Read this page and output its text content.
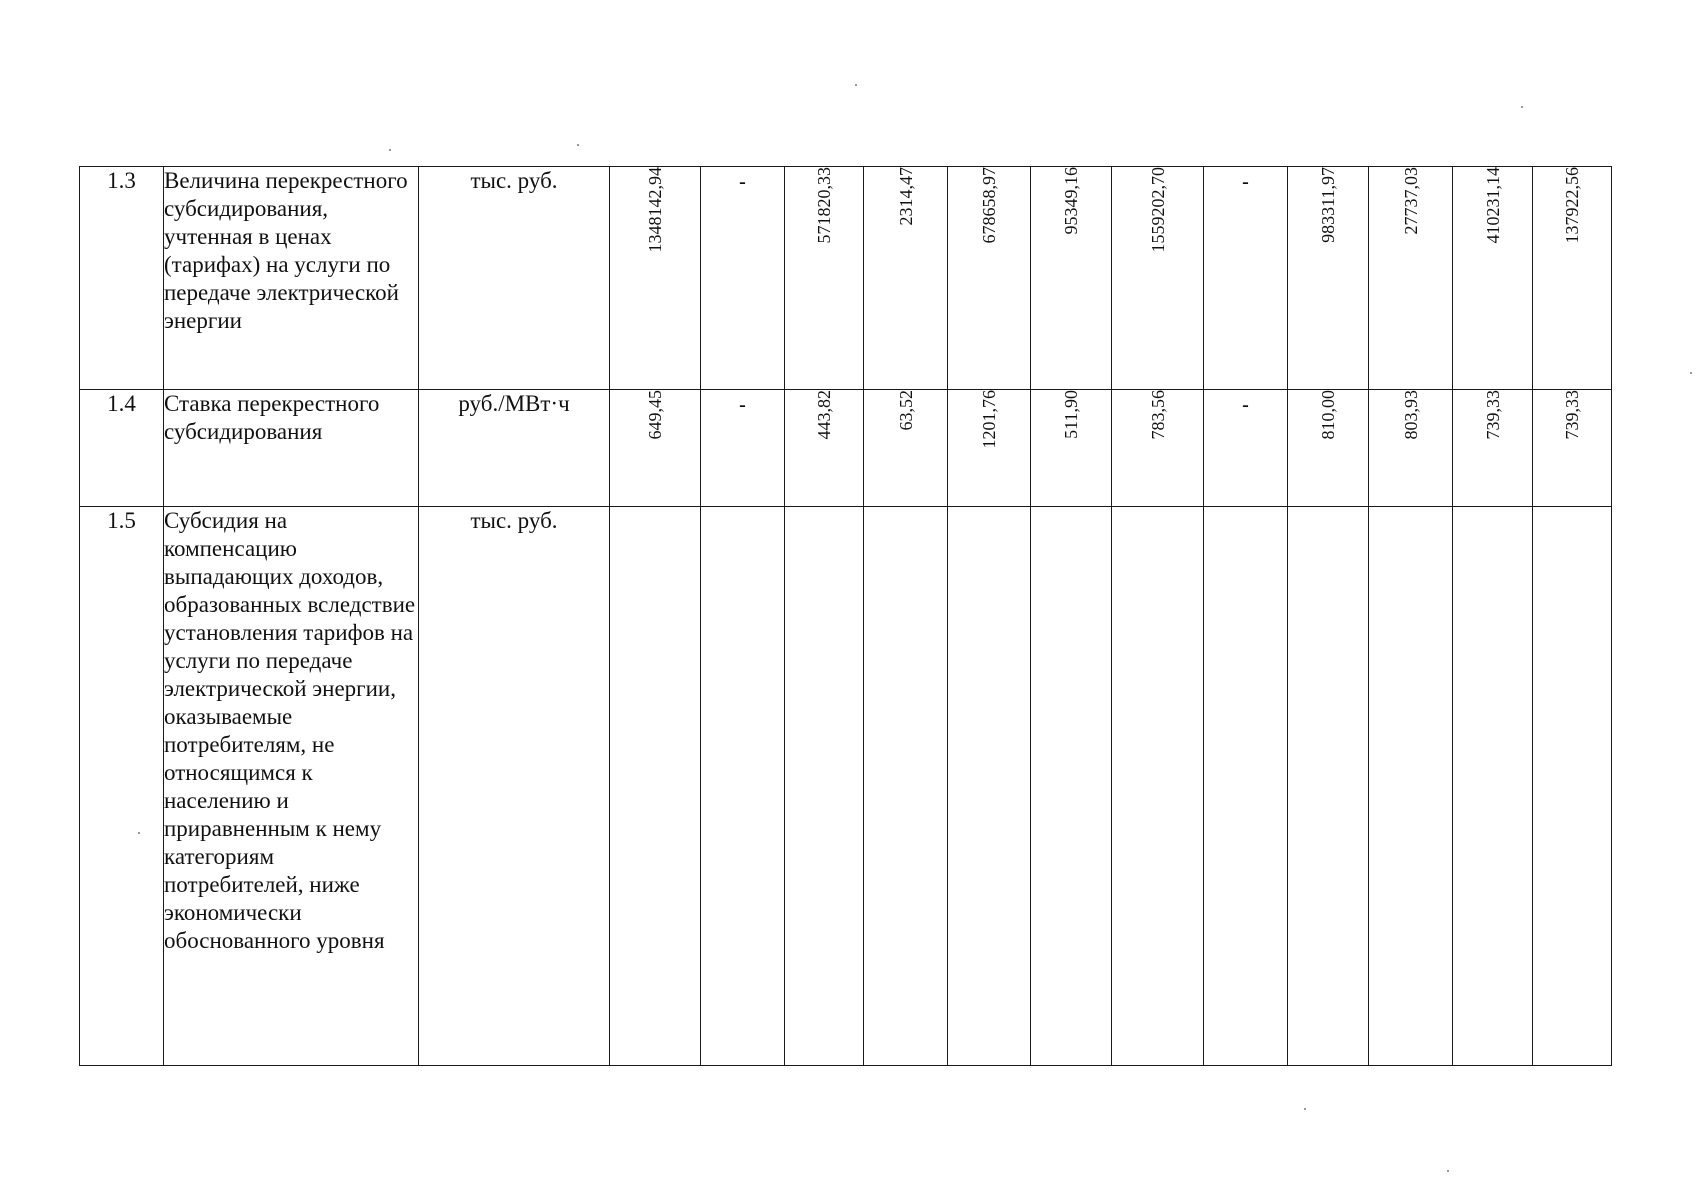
1.3	Величина перекрестного субсидирования, учтенная в ценах (тарифах) на услуги по передаче электрической энергии	тыс. руб.	1348142,94	-	571820,33	2314,47	678658,97	95349,16	1559202,70	-	983311,97	27737,03	410231,14	137922,56
1.4	Ставка перекрестного субсидирования	руб./МВт·ч	649,45	-	443,82	63,52	1201,76	511,90	783,56	-	810,00	803,93	739,33	739,33
1.5	Субсидия на компенсацию выпадающих доходов, образованных вследствие установления тарифов на услуги по передаче электрической энергии, оказываемые потребителям, не относящимся к населению и приравненным к нему категориям потребителей, ниже экономически обоснованного уровня	тыс. руб.												
